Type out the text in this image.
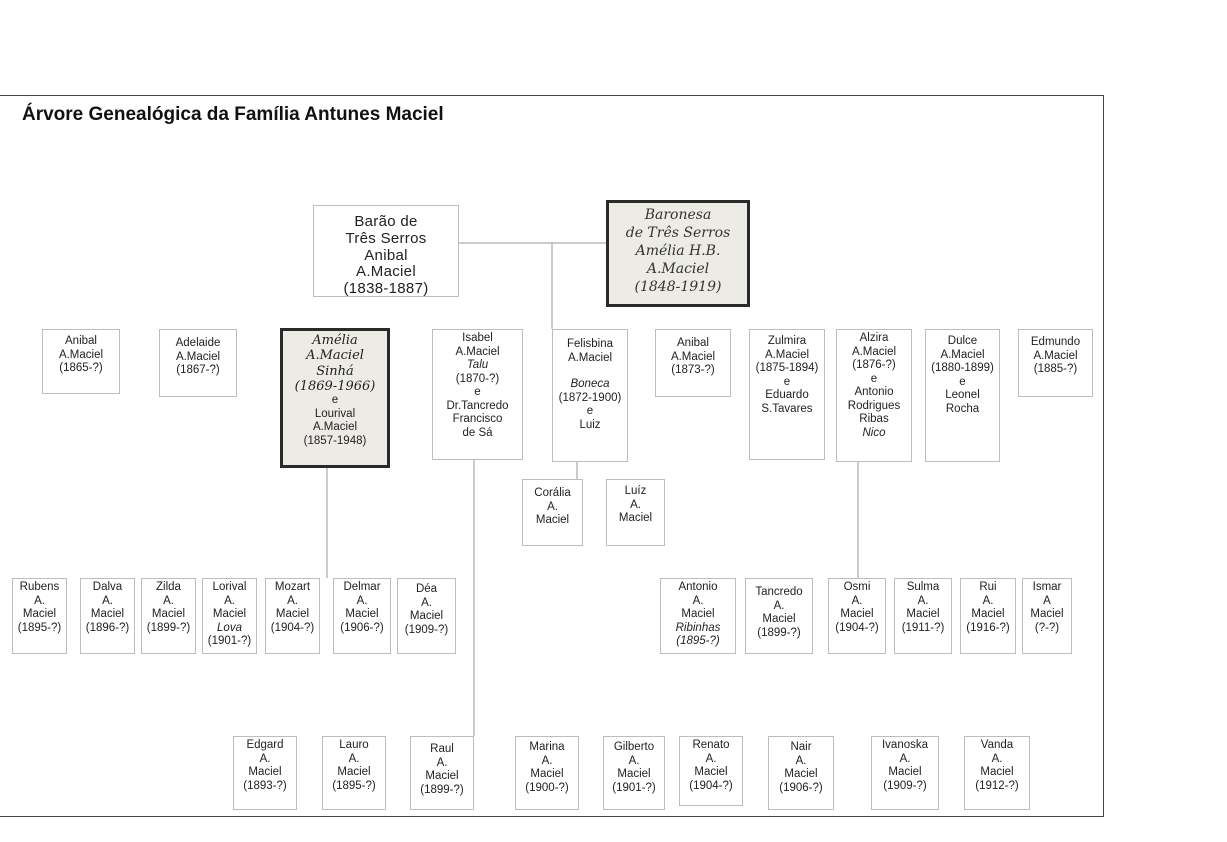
Árvore Genealógica da Família Antunes Maciel
Barão de
Três Serros
Anibal
A.Maciel
(1838-1887)
Baronesa
de Três Serros
Amélia H.B.
A.Maciel
(1848-1919)
Anibal
A.Maciel
(1865-?)
Adelaide
A.Maciel
(1867-?)
Amélia
A.Maciel
Sinhá
(1869-1966)
e
Lourival
A.Maciel
(1857-1948)
Isabel
A.Maciel
Talu
(1870-?)
e
Dr.Tancredo
Francisco
de Sá
Felisbina
A.Maciel
Boneca
(1872-1900)
e
Luiz
Anibal
A.Maciel
(1873-?)
Zulmira
A.Maciel
(1875-1894)
e
Eduardo
S.Tavares
Alzira
A.Maciel
(1876-?)
e
Antonio
Rodrigues
Ribas
Nico
Dulce
A.Maciel
(1880-1899)
e
Leonel
Rocha
Edmundo
A.Maciel
(1885-?)
Corália
A.
Maciel
Luíz
A.
Maciel
Rubens
A.
Maciel
(1895-?)
Dalva
A.
Maciel
(1896-?)
Zilda
A.
Maciel
(1899-?)
Lorival
A.
Maciel
Lova
(1901-?)
Mozart
A.
Maciel
(1904-?)
Delmar
A.
Maciel
(1906-?)
Déa
A.
Maciel
(1909-?)
Antonio
A.
Maciel
Ribinhas
(1895-?)
Tancredo
A.
Maciel
(1899-?)
Osmi
A.
Maciel
(1904-?)
Sulma
A.
Maciel
(1911-?)
Rui
A.
Maciel
(1916-?)
Ismar
A
Maciel
(?-?)
Edgard
A.
Maciel
(1893-?)
Lauro
A.
Maciel
(1895-?)
Raul
A.
Maciel
(1899-?)
Marina
A.
Maciel
(1900-?)
Gilberto
A.
Maciel
(1901-?)
Renato
A.
Maciel
(1904-?)
Nair
A.
Maciel
(1906-?)
Ivanoska
A.
Maciel
(1909-?)
Vanda
A.
Maciel
(1912-?)
